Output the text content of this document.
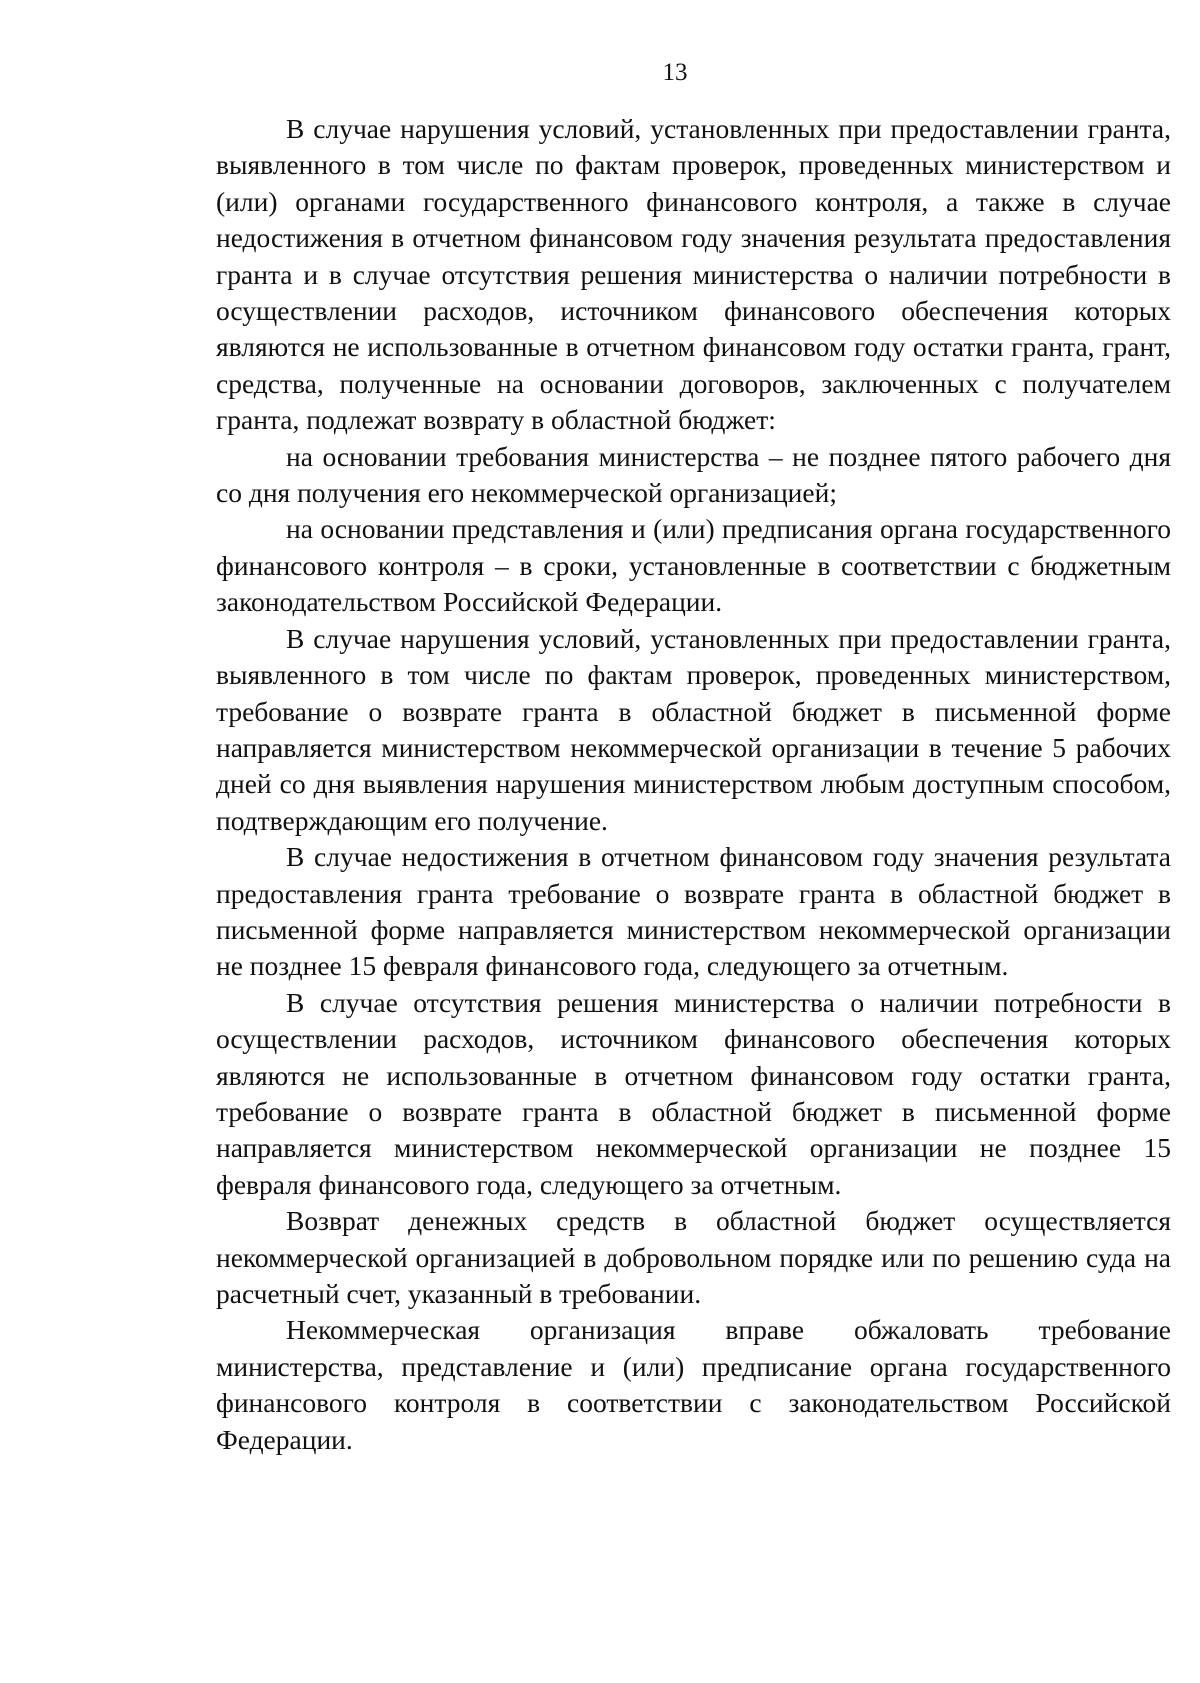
13

В случае нарушения условий, установленных при предоставлении гранта, выявленного в том числе по фактам проверок, проведенных министерством и (или) органами государственного финансового контроля, а также в случае недостижения в отчетном финансовом году значения результата предоставления гранта и в случае отсутствия решения министерства о наличии потребности в осуществлении расходов, источником финансового обеспечения которых являются не использованные в отчетном финансовом году остатки гранта, грант, средства, полученные на основании договоров, заключенных с получателем гранта, подлежат возврату в областной бюджет:

на основании требования министерства – не позднее пятого рабочего дня со дня получения его некоммерческой организацией;

на основании представления и (или) предписания органа государственного финансового контроля – в сроки, установленные в соответствии с бюджетным законодательством Российской Федерации.

В случае нарушения условий, установленных при предоставлении гранта, выявленного в том числе по фактам проверок, проведенных министерством, требование о возврате гранта в областной бюджет в письменной форме направляется министерством некоммерческой организации в течение 5 рабочих дней со дня выявления нарушения министерством любым доступным способом, подтверждающим его получение.

В случае недостижения в отчетном финансовом году значения результата предоставления гранта требование о возврате гранта в областной бюджет в письменной форме направляется министерством некоммерческой организации не позднее 15 февраля финансового года, следующего за отчетным.

В случае отсутствия решения министерства о наличии потребности в осуществлении расходов, источником финансового обеспечения которых являются не использованные в отчетном финансовом году остатки гранта, требование о возврате гранта в областной бюджет в письменной форме направляется министерством некоммерческой организации не позднее 15 февраля финансового года, следующего за отчетным.

Возврат денежных средств в областной бюджет осуществляется некоммерческой организацией в добровольном порядке или по решению суда на расчетный счет, указанный в требовании.

Некоммерческая организация вправе обжаловать требование министерства, представление и (или) предписание органа государственного финансового контроля в соответствии с законодательством Российской Федерации.
